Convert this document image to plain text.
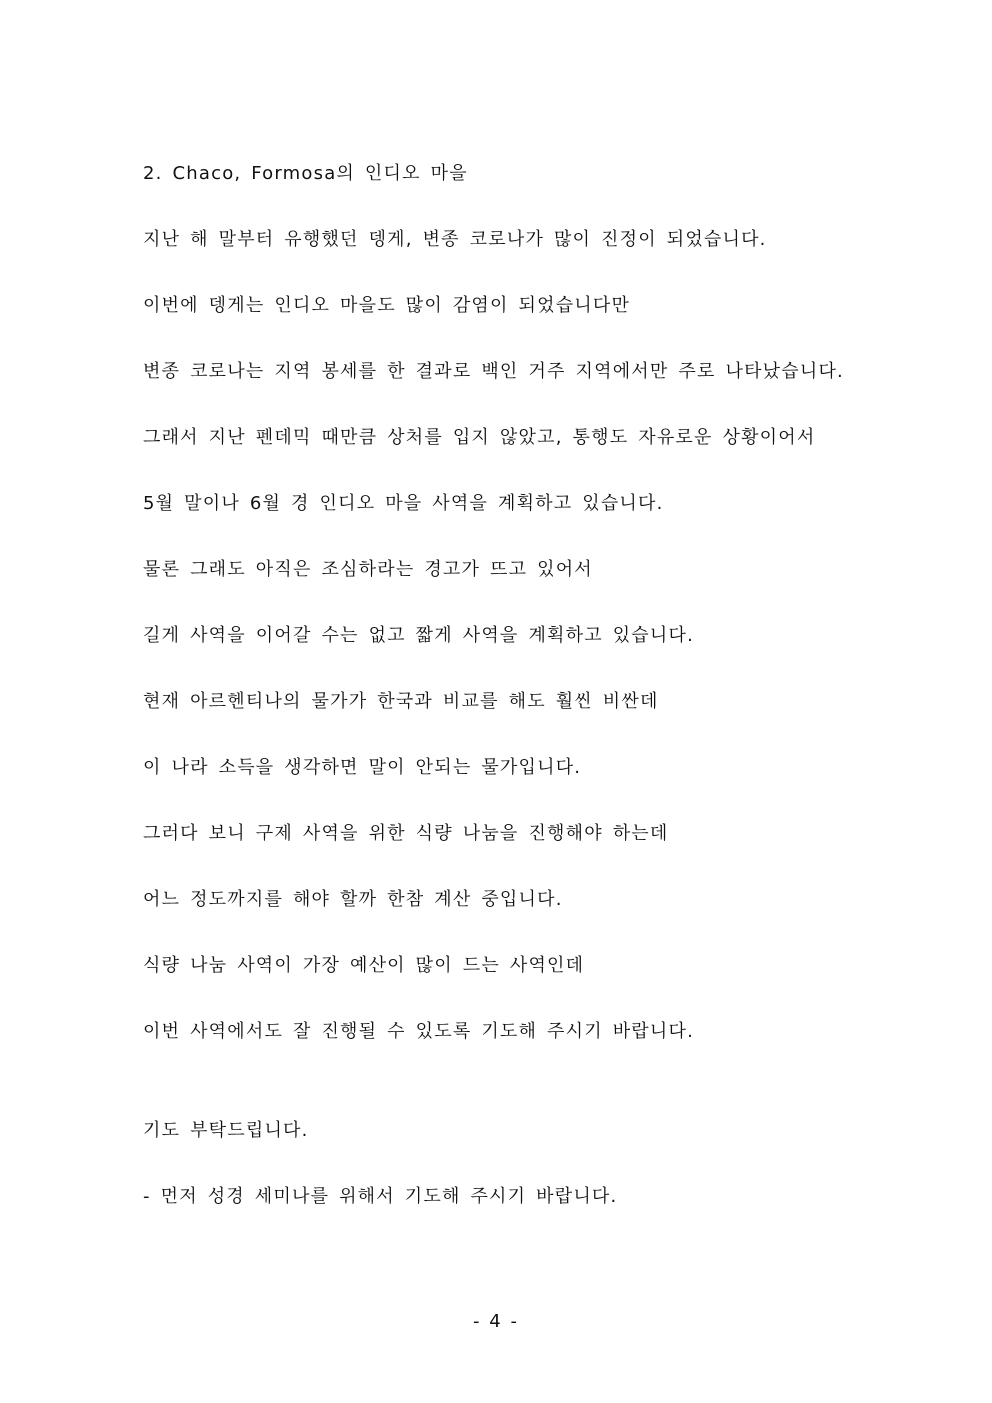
2. Chaco, Formosa의 인디오 마을
지난 해 말부터 유행했던 뎅게, 변종 코로나가 많이 진정이 되었습니다.
이번에 뎅게는 인디오 마을도 많이 감염이 되었습니다만
변종 코로나는 지역 봉세를 한 결과로 백인 거주 지역에서만 주로 나타났습니다.
그래서 지난 펜데믹 때만큼 상처를 입지 않았고, 통행도 자유로운 상황이어서
5월 말이나 6월 경 인디오 마을 사역을 계획하고 있습니다.
물론 그래도 아직은 조심하라는 경고가 뜨고 있어서
길게 사역을 이어갈 수는 없고 짧게 사역을 계획하고 있습니다.
현재 아르헨티나의 물가가 한국과 비교를 해도 훨씬 비싼데
이 나라 소득을 생각하면 말이 안되는 물가입니다.
그러다 보니 구제 사역을 위한 식량 나눔을 진행해야 하는데
어느 정도까지를 해야 할까 한참 계산 중입니다.
식량 나눔 사역이 가장 예산이 많이 드는 사역인데
이번 사역에서도 잘 진행될 수 있도록 기도해 주시기 바랍니다.
기도 부탁드립니다.
- 먼저 성경 세미나를 위해서 기도해 주시기 바랍니다.
- 4 -
